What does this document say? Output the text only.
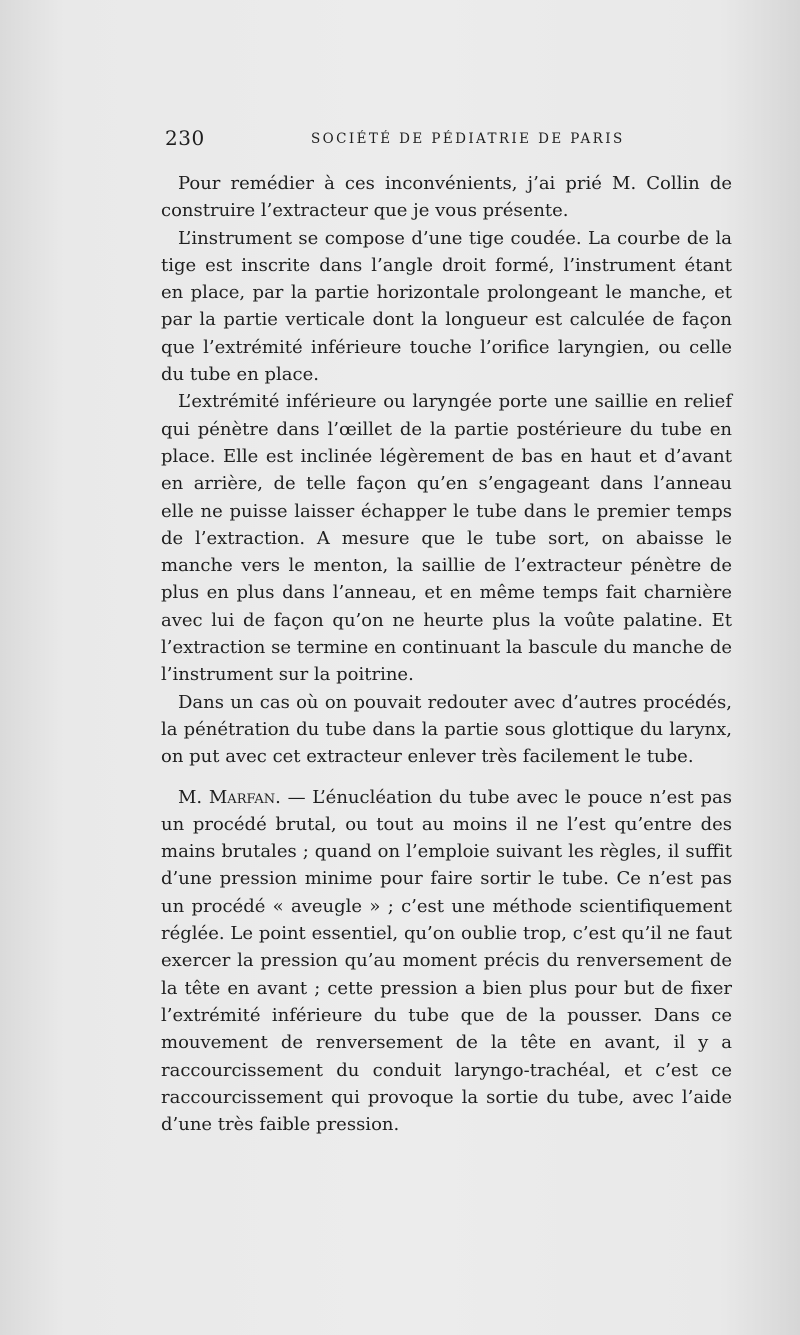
230	SOCIÉTÉ DE PÉDIATRIE DE PARIS

Pour remédier à ces inconvénients, j’ai prié M. Collin de construire l’extracteur que je vous présente.

L’instrument se compose d’une tige coudée. La courbe de la tige est inscrite dans l’angle droit formé, l’instrument étant en place, par la partie horizontale prolongeant le manche, et par la partie verticale dont la longueur est calculée de façon que l’extrémité inférieure touche l’orifice laryngien, ou celle du tube en place.

L’extrémité inférieure ou laryngée porte une saillie en relief qui pénètre dans l’œillet de la partie postérieure du tube en place. Elle est inclinée légèrement de bas en haut et d’avant en arrière, de telle façon qu’en s’engageant dans l’anneau elle ne puisse laisser échapper le tube dans le premier temps de l’extraction. A mesure que le tube sort, on abaisse le manche vers le menton, la saillie de l’extracteur pénètre de plus en plus dans l’anneau, et en même temps fait charnière avec lui de façon qu’on ne heurte plus la voûte palatine. Et l’extraction se termine en continuant la bascule du manche de l’instrument sur la poitrine.

Dans un cas où on pouvait redouter avec d’autres procédés, la pénétration du tube dans la partie sous glottique du larynx, on put avec cet extracteur enlever très facilement le tube.

M. Marfan. — L’énucléation du tube avec le pouce n’est pas un procédé brutal, ou tout au moins il ne l’est qu’entre des mains brutales ; quand on l’emploie suivant les règles, il suffit d’une pression minime pour faire sortir le tube. Ce n’est pas un procédé « aveugle » ; c’est une méthode scientifiquement réglée. Le point essentiel, qu’on oublie trop, c’est qu’il ne faut exercer la pression qu’au moment précis du renversement de la tête en avant ; cette pression a bien plus pour but de fixer l’extrémité inférieure du tube que de la pousser. Dans ce mouvement de renversement de la tête en avant, il y a raccourcissement du conduit laryngo-trachéal, et c’est ce raccourcissement qui provoque la sortie du tube, avec l’aide d’une très faible pression.
